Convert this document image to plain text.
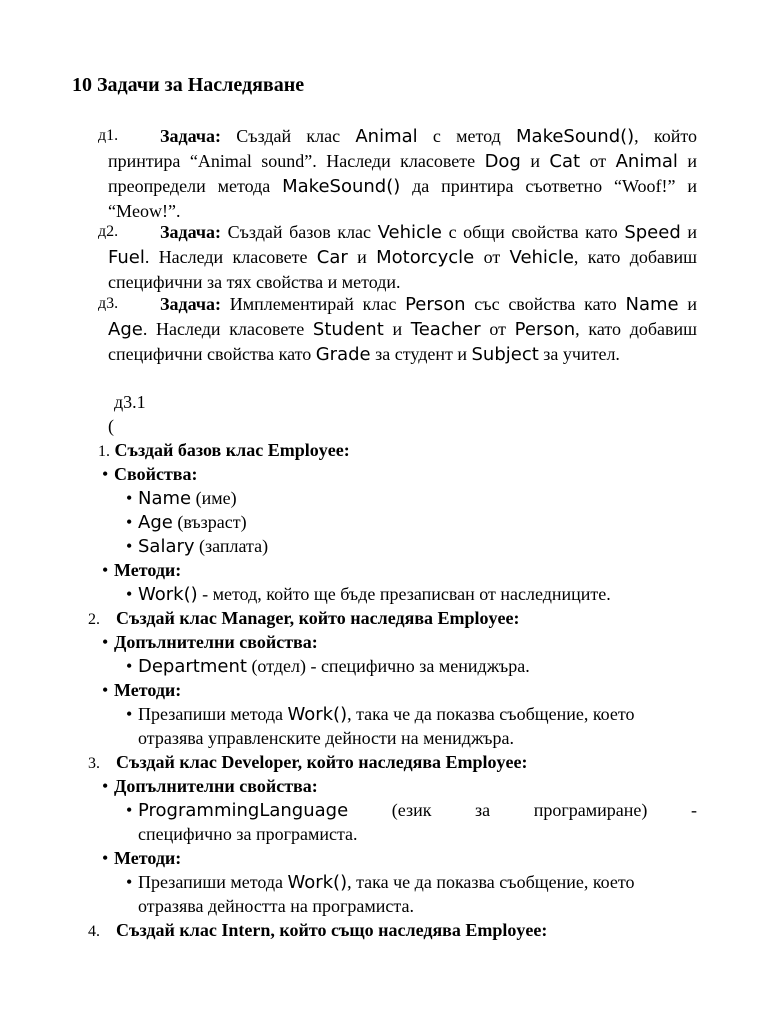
10 Задачи за Наследяване
д1.	Задача: Създай клас Animal с метод MakeSound(), който принтира “Animal sound”. Наследи класовете Dog и Cat от Animal и преопредели метода MakeSound() да принтира съответно “Woof!” и “Meow!”.

д2.	Задача: Създай базов клас Vehicle с общи свойства като Speed и Fuel. Наследи класовете Car и Motorcycle от Vehicle, като добавиш специфични за тях свойства и методи.

д3.	Задача: Имплементирай клас Person със свойства като Name и Age. Наследи класовете Student и Teacher от Person, като добавиш специфични свойства като Grade за студент и Subject за учител.

д3.1
(
1. Създай базов клас Employee:
• Свойства:
• Name (име)
• Age (възраст)
• Salary (заплата)
• Методи:
• Work() - метод, който ще бъде презаписван от наследниците.
2. Създай клас Manager, който наследява Employee:
• Допълнителни свойства:
• Department (отдел) - специфично за мениджъра.
• Методи:
• Презапиши метода Work(), така че да показва съобщение, което
отразява управленските дейности на мениджъра.
3. Създай клас Developer, който наследява Employee:
• Допълнителни свойства:
• ProgrammingLanguage (език за програмиране) -
специфично за програмиста.
• Методи:
• Презапиши метода Work(), така че да показва съобщение, което
отразява дейността на програмиста.
4. Създай клас Intern, който също наследява Employee:
